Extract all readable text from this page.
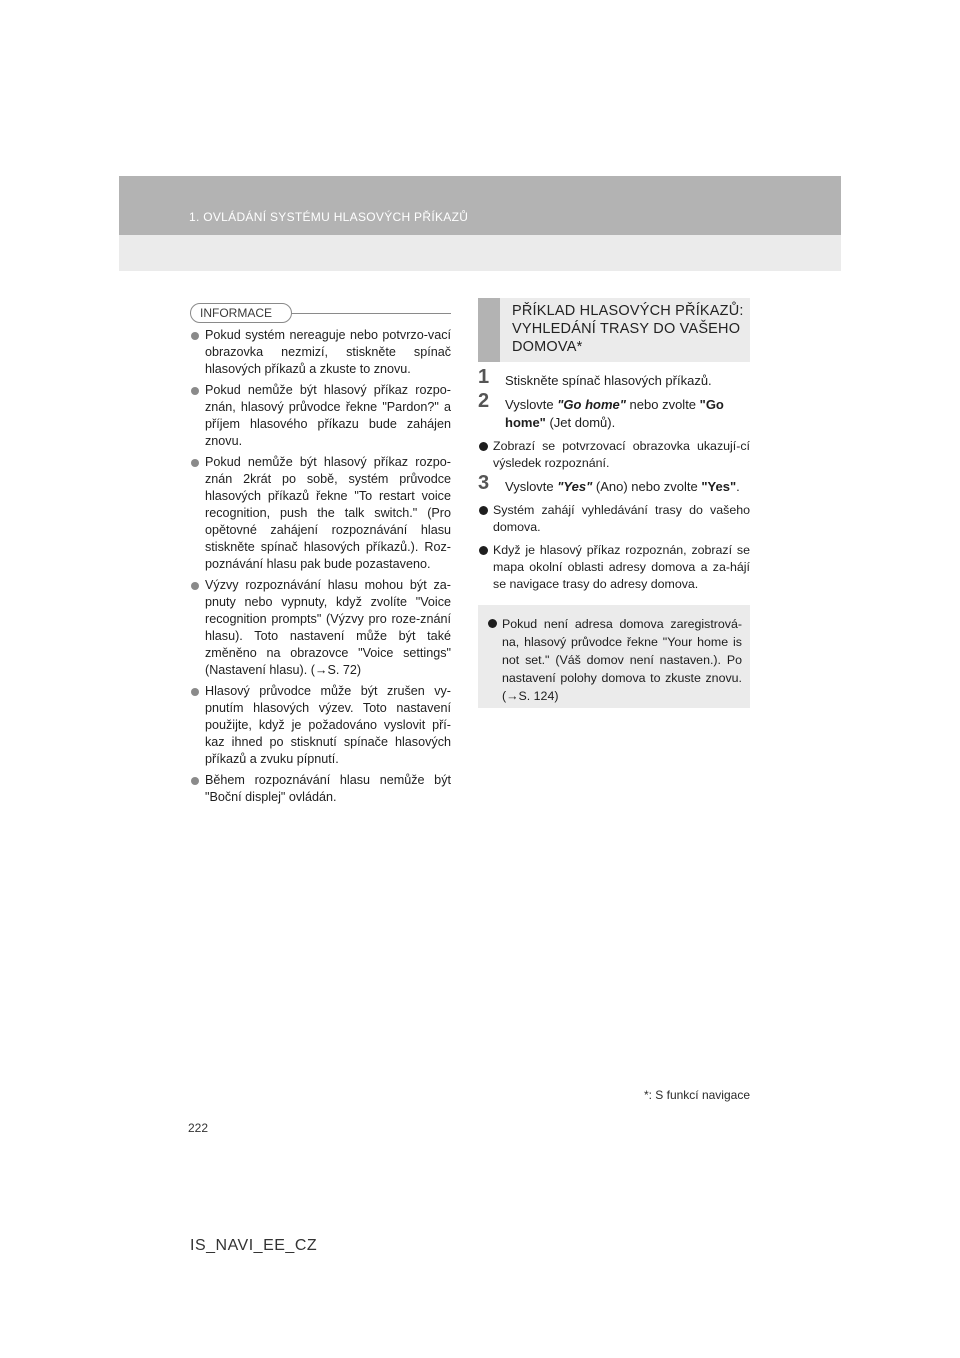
1. OVLÁDÁNÍ SYSTÉMU HLASOVÝCH PŘÍKAZŮ
INFORMACE
Pokud systém nereaguje nebo potvrzo-vací obrazovka nezmizí, stiskněte spínač hlasových příkazů a zkuste to znovu.
Pokud nemůže být hlasový příkaz rozpo-znán, hlasový průvodce řekne "Pardon?" a příjem hlasového příkazu bude zahájen znovu.
Pokud nemůže být hlasový příkaz rozpo-znán 2krát po sobě, systém průvodce hlasových příkazů řekne "To restart voice recognition, push the talk switch." (Pro opětovné zahájení rozpoznávání hlasu stiskněte spínač hlasových příkazů.). Roz-poznávání hlasu pak bude pozastaveno.
Výzvy rozpoznávání hlasu mohou být za-pnuty nebo vypnuty, když zvolíte "Voice recognition prompts" (Výzvy pro roze-znání hlasu). Toto nastavení může být také změněno na obrazovce "Voice settings" (Nastavení hlasu). (→S. 72)
Hlasový průvodce může být zrušen vy-pnutím hlasových výzev. Toto nastavení použijte, když je požadováno vyslovit pří-kaz ihned po stisknutí spínače hlasových příkazů a zvuku pípnutí.
Během rozpoznávání hlasu nemůže být "Boční displej" ovládán.
PŘÍKLAD HLASOVÝCH PŘÍKAZŮ: VYHLEDÁNÍ TRASY DO VAŠEHO DOMOVA*
1 Stiskněte spínač hlasových příkazů.
2 Vyslovte "Go home" nebo zvolte "Go home" (Jet domů).
Zobrazí se potvrzovací obrazovka ukazují-cí výsledek rozpoznání.
3 Vyslovte "Yes" (Ano) nebo zvolte "Yes".
Systém zahájí vyhledávání trasy do vašeho domova.
Když je hlasový příkaz rozpoznán, zobrazí se mapa okolní oblasti adresy domova a za-hájí se navigace trasy do adresy domova.
Pokud není adresa domova zaregistrová-na, hlasový průvodce řekne "Your home is not set." (Váš domov není nastaven.). Po nastavení polohy domova to zkuste znovu. (→S. 124)
*: S funkcí navigace
222
IS_NAVI_EE_CZ
